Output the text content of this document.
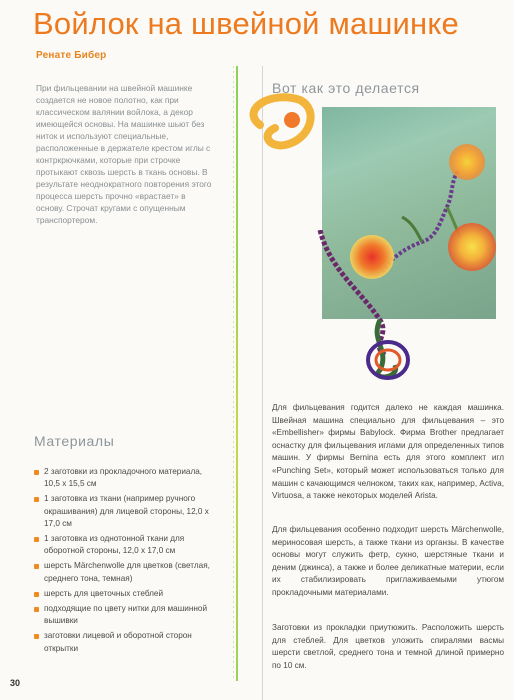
Войлок на швейной машинке
Ренате Бибер

При фильцевании на швейной машинке создается не новое полотно, как при классическом валянии войлока, а декор имеющейся основы. На машинке шьют без ниток и используют специальные, расположенные в держателе крестом иглы с контркрючками, которые при строчке протыкают сквозь шерсть в ткань основы. В результате неоднократного повторения этого процесса шерсть прочно «врастает» в основу. Строчат кругами с опущенным транспортером.

Вот как это делается

Для фильцевания годится далеко не каждая машинка. Швейная машина специально для фильцевания – это «Embellisher» фирмы Babylock. Фирма Brother предлагает оснастку для фильцевания иглами для определенных типов машин. У фирмы Bernina есть для этого комплект игл «Punching Set», который может использоваться только для машин с качающимся челноком, таких как, например, Activa, Virtuosa, а также некоторых моделей Arista.

Для фильцевания особенно подходит шерсть Märchenwolle, мериносовая шерсть, а также ткани из органзы. В качестве основы могут служить фетр, сукно, шерстяные ткани и деним (джинса), а также и более деликатные материи, если их стабилизировать приглаживаемыми утюгом прокладочными материалами.

Заготовки из прокладки приутюжить. Расположить шерсть для стеблей. Для цветков уложить спиралями васмы шерсти светлой, среднего тона и темной длиной примерно по 10 см.

Материалы
2 заготовки из прокладочного материала, 10,5 x 15,5 см
1 заготовка из ткани (например ручного окрашивания) для лицевой стороны, 12,0 x 17,0 см
1 заготовка из однотонной ткани для оборотной стороны, 12,0 x 17,0 см
шерсть Märchenwolle для цветков (светлая, среднего тона, темная)
шерсть для цветочных стеблей
подходящие по цвету нитки для машинной вышивки
заготовки лицевой и оборотной сторон открытки
30
